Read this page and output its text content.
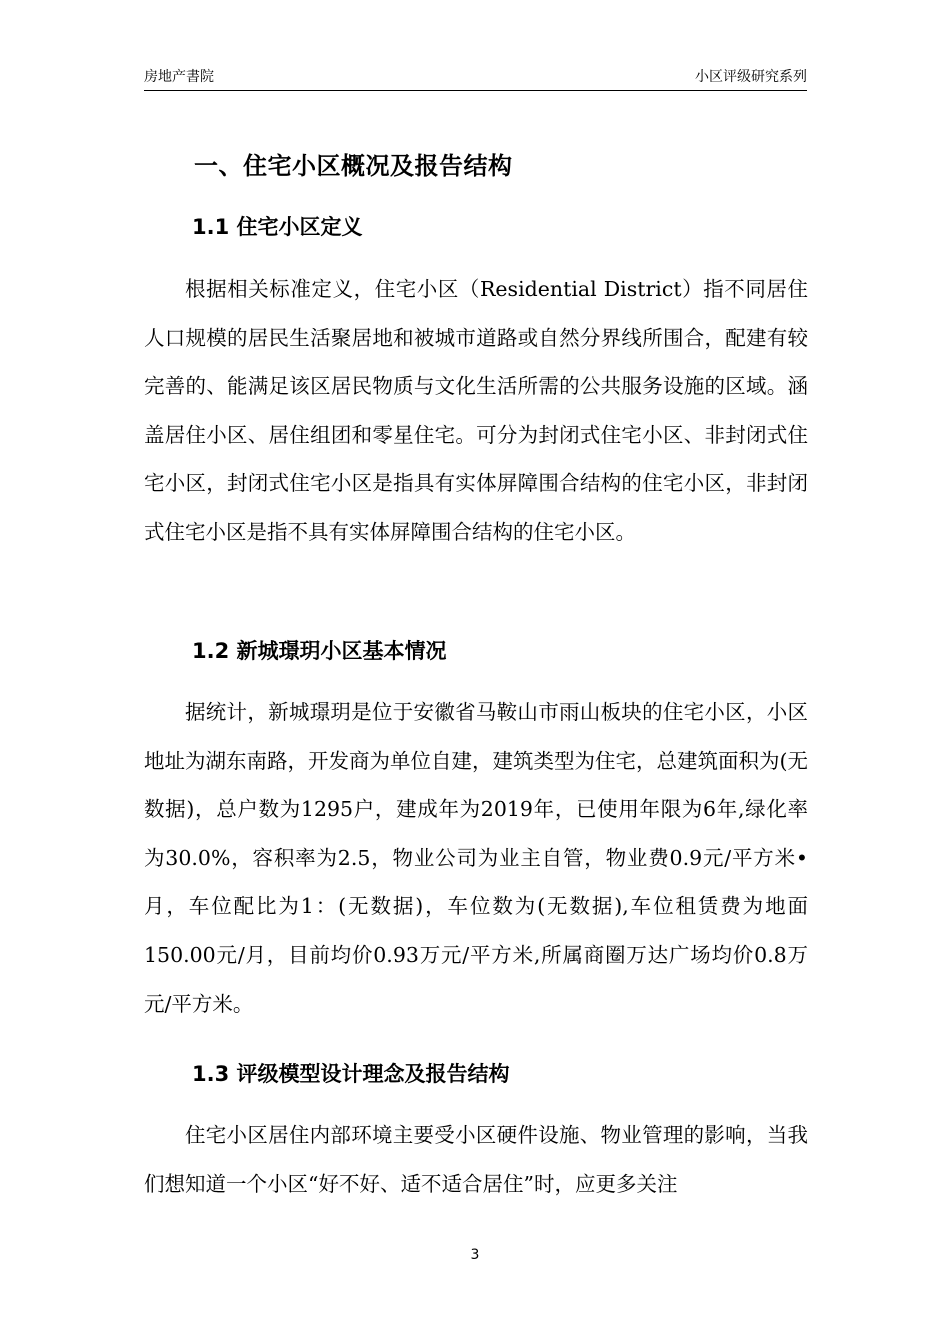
房地产書院	小区评级研究系列
一、住宅小区概况及报告结构
1.1 住宅小区定义

根据相关标准定义，住宅小区（Residential District）指不同居住人口规模的居民生活聚居地和被城市道路或自然分界线所围合，配建有较完善的、能满足该区居民物质与文化生活所需的公共服务设施的区域。涵盖居住小区、居住组团和零星住宅。可分为封闭式住宅小区、非封闭式住宅小区，封闭式住宅小区是指具有实体屏障围合结构的住宅小区，非封闭式住宅小区是指不具有实体屏障围合结构的住宅小区。

1.2 新城璟玥小区基本情况

据统计，新城璟玥是位于安徽省马鞍山市雨山板块的住宅小区，小区地址为湖东南路，开发商为单位自建，建筑类型为住宅，总建筑面积为(无数据)，总户数为1295户，建成年为2019年，已使用年限为6年,绿化率为30.0%，容积率为2.5，物业公司为业主自管，物业费0.9元/平方米•月，车位配比为1：(无数据)，车位数为(无数据),车位租赁费为地面150.00元/月，目前均价0.93万元/平方米,所属商圈万达广场均价0.8万元/平方米。

1.3 评级模型设计理念及报告结构

住宅小区居住内部环境主要受小区硬件设施、物业管理的影响，当我们想知道一个小区“好不好、适不适合居住”时，应更多关注

3
